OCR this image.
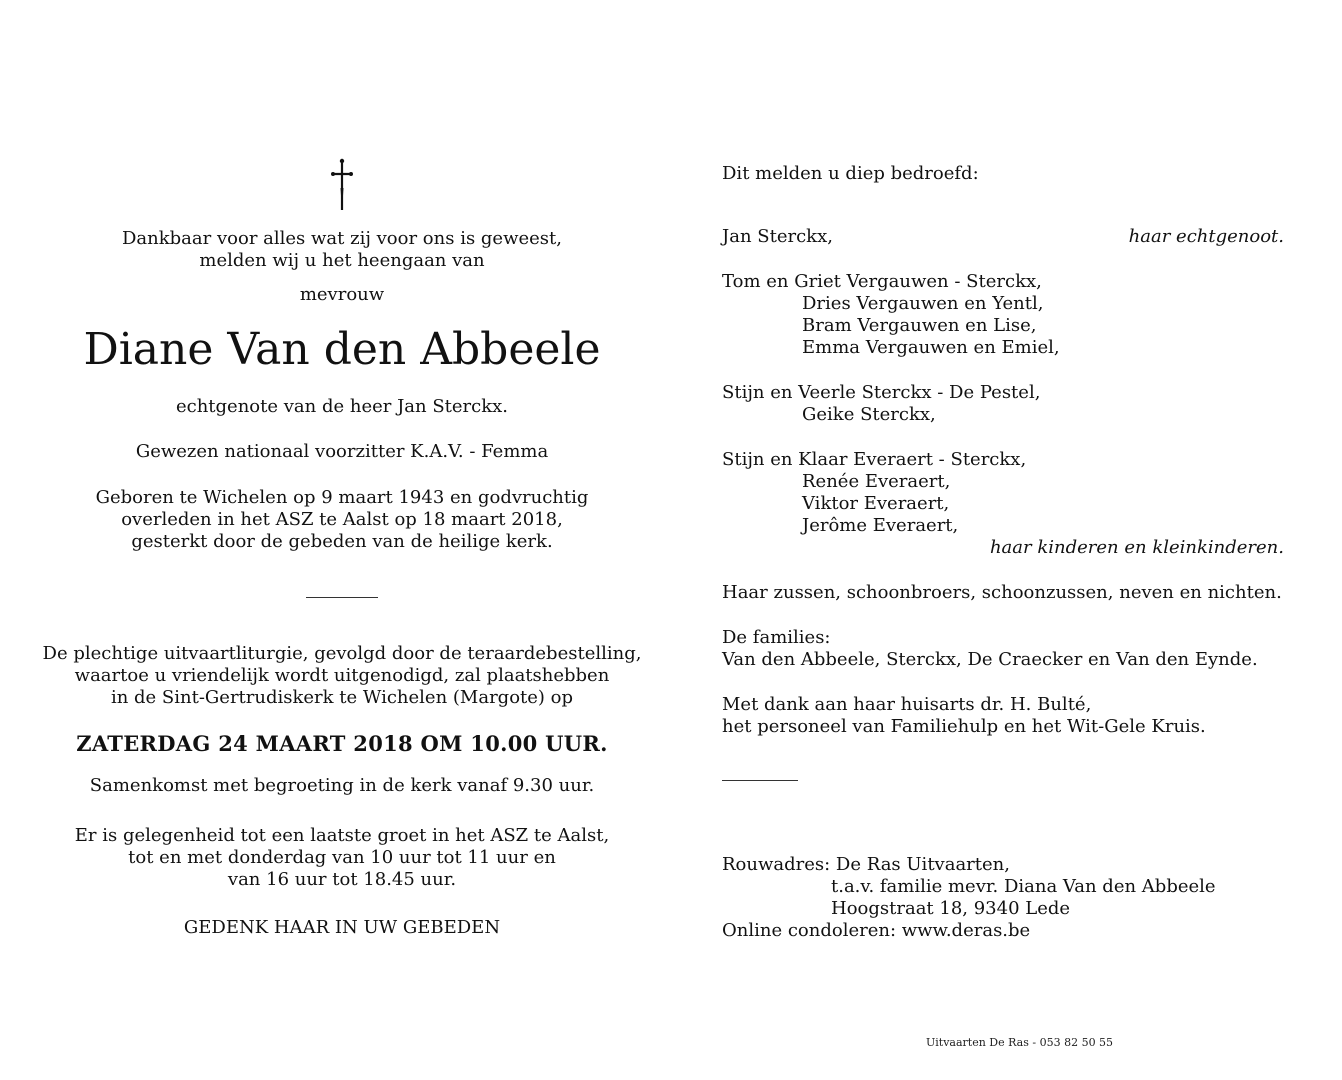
Dankbaar voor alles wat zij voor ons is geweest,
melden wij u het heengaan van

mevrouw

Diane Van den Abbeele

echtgenote van de heer Jan Sterckx.

Gewezen nationaal voorzitter K.A.V. - Femma

Geboren te Wichelen op 9 maart 1943 en godvruchtig
overleden in het ASZ te Aalst op 18 maart 2018,
gesterkt door de gebeden van de heilige kerk.

De plechtige uitvaartliturgie, gevolgd door de teraardebestelling,
waartoe u vriendelijk wordt uitgenodigd, zal plaatshebben
in de Sint-Gertrudiskerk te Wichelen (Margote) op

ZATERDAG 24 MAART 2018 OM 10.00 UUR.

Samenkomst met begroeting in de kerk vanaf 9.30 uur.

Er is gelegenheid tot een laatste groet in het ASZ te Aalst,
tot en met donderdag van 10 uur tot 11 uur en
van 16 uur tot 18.45 uur.

GEDENK HAAR IN UW GEBEDEN

Dit melden u diep bedroefd:

Jan Sterckx,	haar echtgenoot.

Tom en Griet Vergauwen - Sterckx,

Dries Vergauwen en Yentl,

Bram Vergauwen en Lise,

Emma Vergauwen en Emiel,

Stijn en Veerle Sterckx - De Pestel,

Geike Sterckx,

Stijn en Klaar Everaert - Sterckx,

Renée Everaert,

Viktor Everaert,

Jerôme Everaert,

haar kinderen en kleinkinderen.

Haar zussen, schoonbroers, schoonzussen, neven en nichten.

De families:

Van den Abbeele, Sterckx, De Craecker en Van den Eynde.

Met dank aan haar huisarts dr. H. Bulté,

het personeel van Familiehulp en het Wit-Gele Kruis.

Rouwadres: De Ras Uitvaarten,

t.a.v. familie mevr. Diana Van den Abbeele

Hoogstraat 18, 9340 Lede

Online condoleren: www.deras.be

Uitvaarten De Ras - 053 82 50 55
